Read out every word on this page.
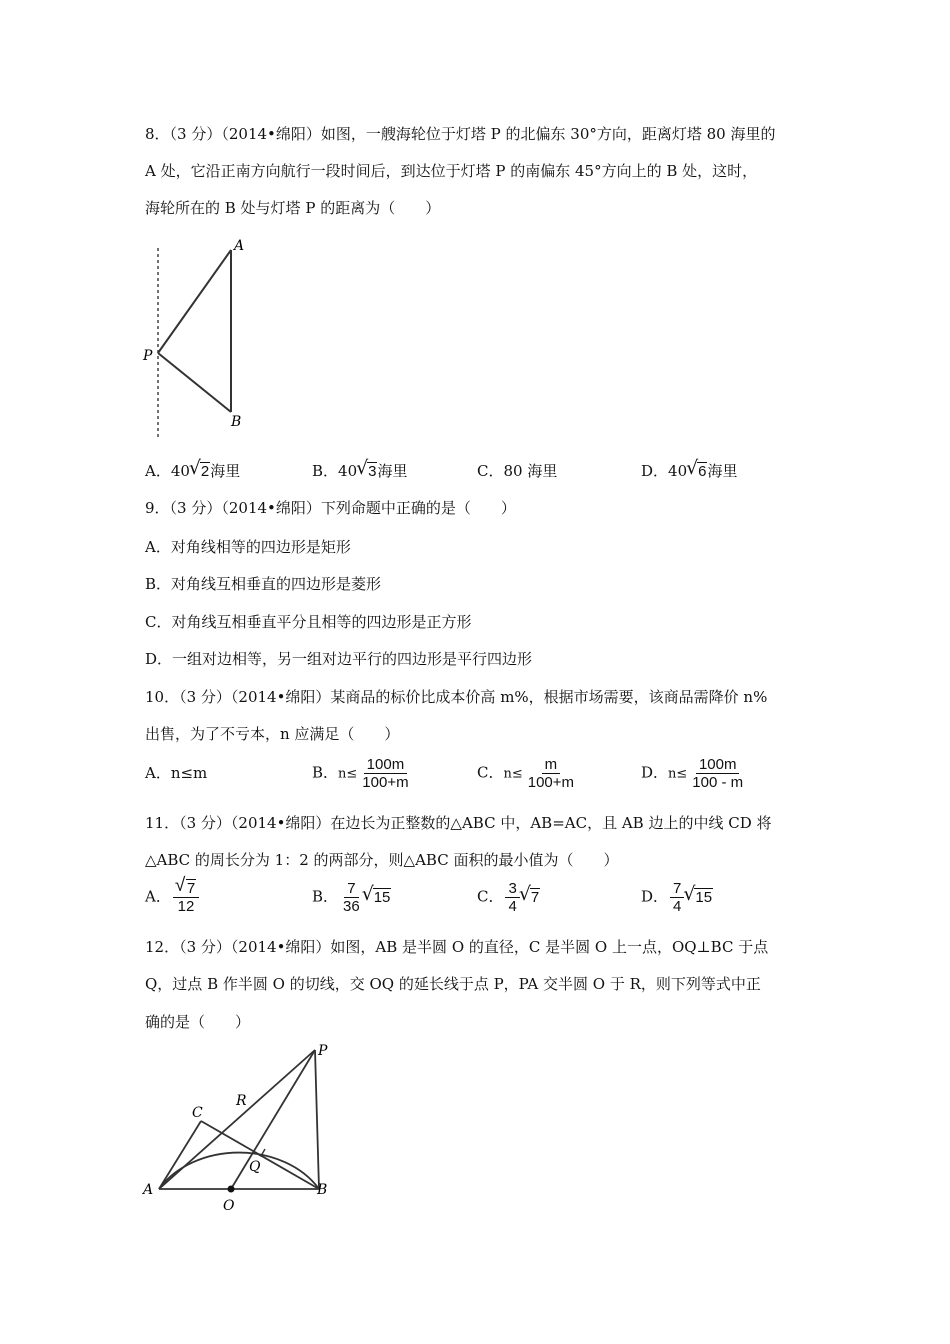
8．（3 分）（2014•绵阳）如图，一艘海轮位于灯塔 P 的北偏东 30°方向，距离灯塔 80 海里的
A 处，它沿正南方向航行一段时间后，到达位于灯塔 P 的南偏东 45°方向上的 B 处，这时，
海轮所在的 B 处与灯塔 P 的距离为（　　）
A
P
B
A．40 √ 2海里	B．40 √ 3海里	C．80 海里	D．40 √ 6海里
9．（3 分）（2014•绵阳）下列命题中正确的是（　　）
A．对角线相等的四边形是矩形
B．对角线互相垂直的四边形是菱形
C．对角线互相垂直平分且相等的四边形是正方形
D．一组对边相等，另一组对边平行的四边形是平行四边形
10．（3 分）（2014•绵阳）某商品的标价比成本价高 m%，根据市场需要，该商品需降价 n%
出售，为了不亏本，n 应满足（　　）
A．n≤m	B．$n\le \frac{100m}{100+m}$	C．$n\le \frac{m}{100+m}$	D．$n\le \frac{100m}{100 - m}$
11．（3 分）（2014•绵阳）在边长为正整数的△ABC 中，AB=AC，且 AB 边上的中线 CD 将
△ABC 的周长分为 1：2 的两部分，则△ABC 面积的最小值为（　　）
A． √ $\frac{7}{12}$	B． $\frac{7}{36}$ √ 15	C． $\frac{3}{4}$ √ 7	D． $\frac{7}{4}$ √ 15
12．（3 分）（2014•绵阳）如图，AB 是半圆 O 的直径，C 是半圆 O 上一点，OQ⊥BC 于点
Q，过点 B 作半圆 O 的切线，交 OQ 的延长线于点 P，PA 交半圆 O 于 R，则下列等式中正
确的是（　　）
P
C
R
Q
A
O
B
